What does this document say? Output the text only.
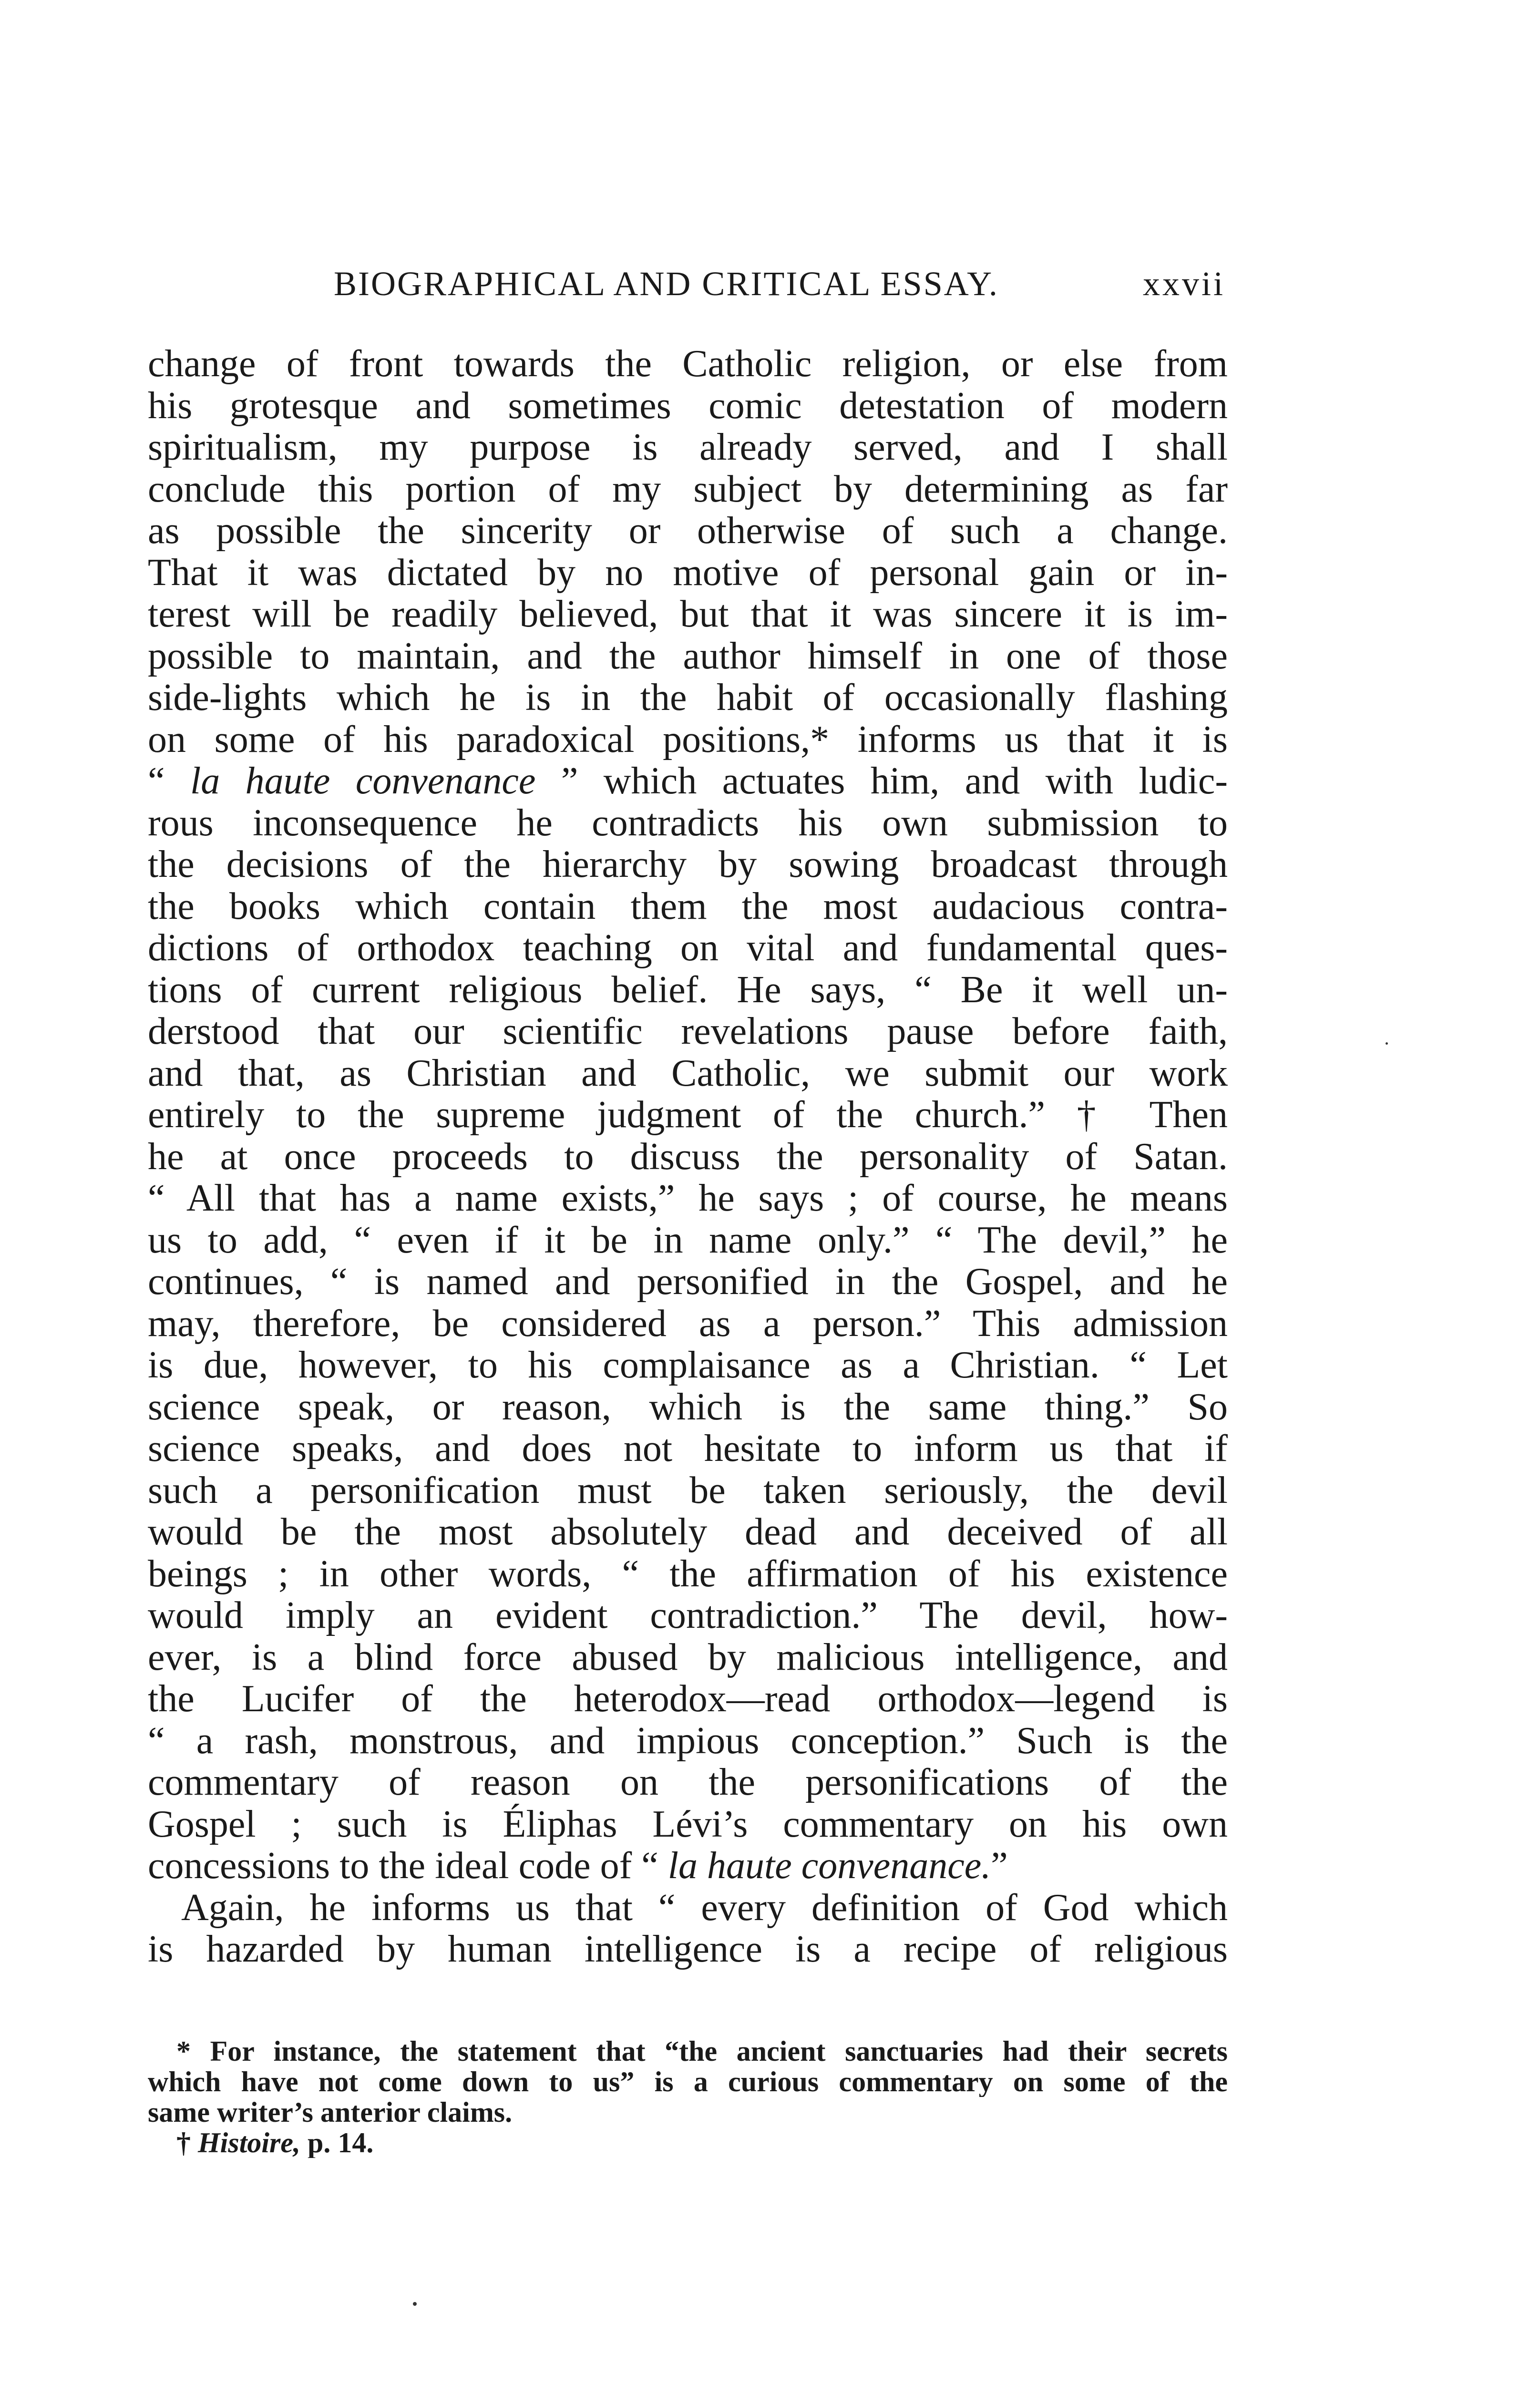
BIOGRAPHICAL AND CRITICAL ESSAY.	xxvii
change of front towards the Catholic religion, or else from
his grotesque and sometimes comic detestation of modern
spiritualism, my purpose is already served, and I shall
conclude this portion of my subject by determining as far
as possible the sincerity or otherwise of such a change.
That it was dictated by no motive of personal gain or in-
terest will be readily believed, but that it was sincere it is im-
possible to maintain, and the author himself in one of those
side-lights which he is in the habit of occasionally flashing
on some of his paradoxical positions,* informs us that it is
“ la haute convenance ” which actuates him, and with ludic-
rous inconsequence he contradicts his own submission to
the decisions of the hierarchy by sowing broadcast through
the books which contain them the most audacious contra-
dictions of orthodox teaching on vital and fundamental ques-
tions of current religious belief. He says, “ Be it well un-
derstood that our scientific revelations pause before faith,
and that, as Christian and Catholic, we submit our work
entirely to the supreme judgment of the church.” † Then
he at once proceeds to discuss the personality of Satan.
“ All that has a name exists,” he says ; of course, he means
us to add, “ even if it be in name only.” “ The devil,” he
continues, “ is named and personified in the Gospel, and he
may, therefore, be considered as a person.” This admission
is due, however, to his complaisance as a Christian. “ Let
science speak, or reason, which is the same thing.” So
science speaks, and does not hesitate to inform us that if
such a personification must be taken seriously, the devil
would be the most absolutely dead and deceived of all
beings ; in other words, “ the affirmation of his existence
would imply an evident contradiction.” The devil, how-
ever, is a blind force abused by malicious intelligence, and
the Lucifer of the heterodox—read orthodox—legend is
“ a rash, monstrous, and impious conception.” Such is the
commentary of reason on the personifications of the
Gospel ; such is Éliphas Lévi’s commentary on his own
concessions to the ideal code of “ la haute convenance.”
Again, he informs us that “ every definition of God which
is hazarded by human intelligence is a recipe of religious
* For instance, the statement that “the ancient sanctuaries had their secrets
which have not come down to us” is a curious commentary on some of the
same writer’s anterior claims.
† Histoire, p. 14.
